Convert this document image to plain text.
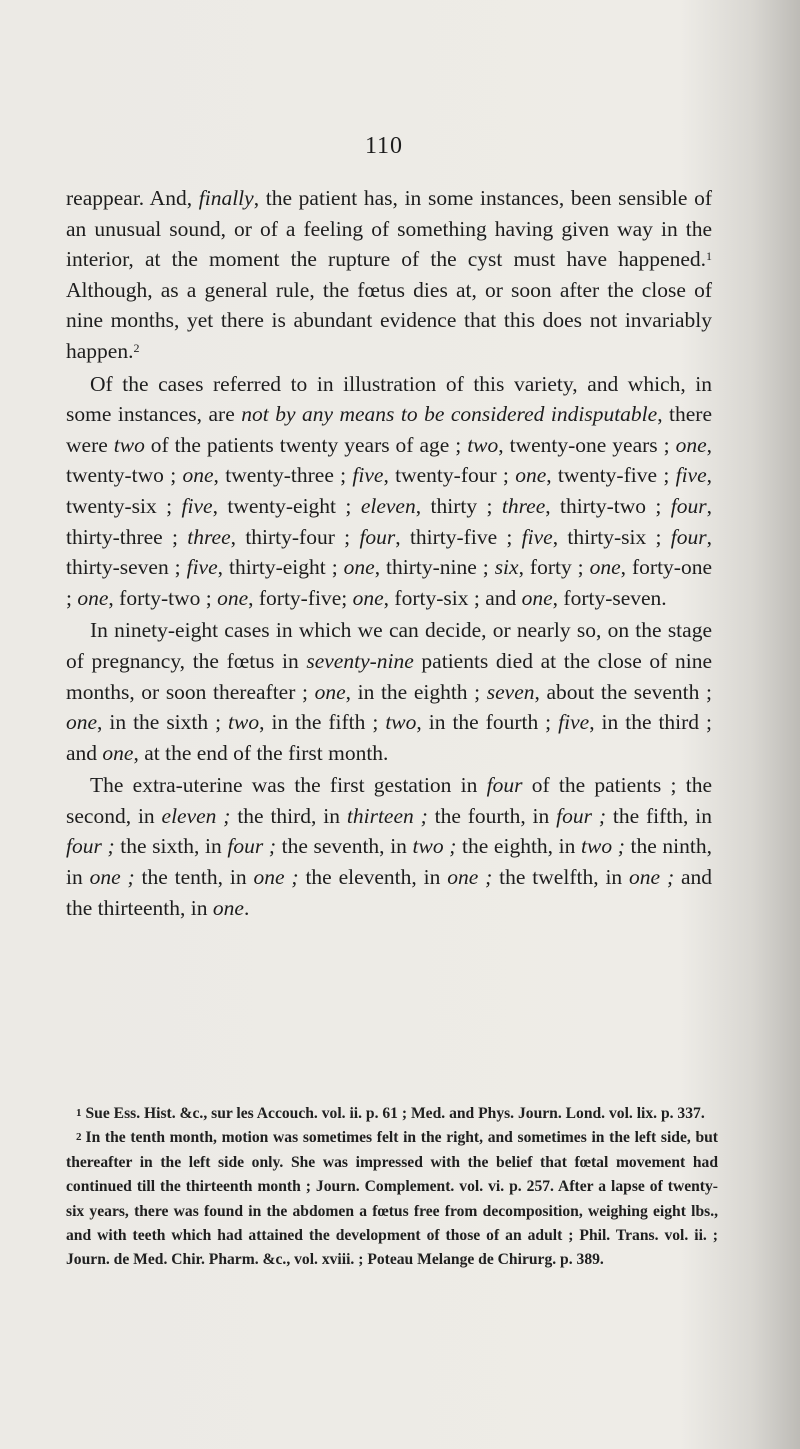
110

reappear. And, finally, the patient has, in some instances, been sensible of an unusual sound, or of a feeling of something having given way in the interior, at the moment the rupture of the cyst must have happened.$^1$ Although, as a general rule, the fœtus dies at, or soon after the close of nine months, yet there is abundant evidence that this does not invariably happen.$^2$

Of the cases referred to in illustration of this variety, and which, in some instances, are not by any means to be considered indisputable, there were two of the patients twenty years of age ; two, twenty-one years ; one, twenty-two ; one, twenty-three ; five, twenty-four ; one, twenty-five ; five, twenty-six ; five, twenty-eight ; eleven, thirty ; three, thirty-two ; four, thirty-three ; three, thirty-four ; four, thirty-five ; five, thirty-six ; four, thirty-seven ; five, thirty-eight ; one, thirty-nine ; six, forty ; one, forty-one ; one, forty-two ; one, forty-five; one, forty-six ; and one, forty-seven.

In ninety-eight cases in which we can decide, or nearly so, on the stage of pregnancy, the fœtus in seventy-nine patients died at the close of nine months, or soon thereafter ; one, in the eighth ; seven, about the seventh ; one, in the sixth ; two, in the fifth ; two, in the fourth ; five, in the third ; and one, at the end of the first month.

The extra-uterine was the first gestation in four of the patients ; the second, in eleven ; the third, in thirteen ; the fourth, in four ; the fifth, in four ; the sixth, in four ; the seventh, in two ; the eighth, in two ; the ninth, in one ; the tenth, in one ; the eleventh, in one ; the twelfth, in one ; and the thirteenth, in one.

$^1$ Sue Ess. Hist. &c., sur les Accouch. vol. ii. p. 61 ; Med. and Phys. Journ. Lond. vol. lix. p. 337.

$^2$ In the tenth month, motion was sometimes felt in the right, and sometimes in the left side, but thereafter in the left side only. She was impressed with the belief that fœtal movement had continued till the thirteenth month ; Journ. Complement. vol. vi. p. 257. After a lapse of twenty-six years, there was found in the abdomen a fœtus free from decomposition, weighing eight lbs., and with teeth which had attained the development of those of an adult ; Phil. Trans. vol. ii. ; Journ. de Med. Chir. Pharm. &c., vol. xviii. ; Poteau Melange de Chirurg. p. 389.
